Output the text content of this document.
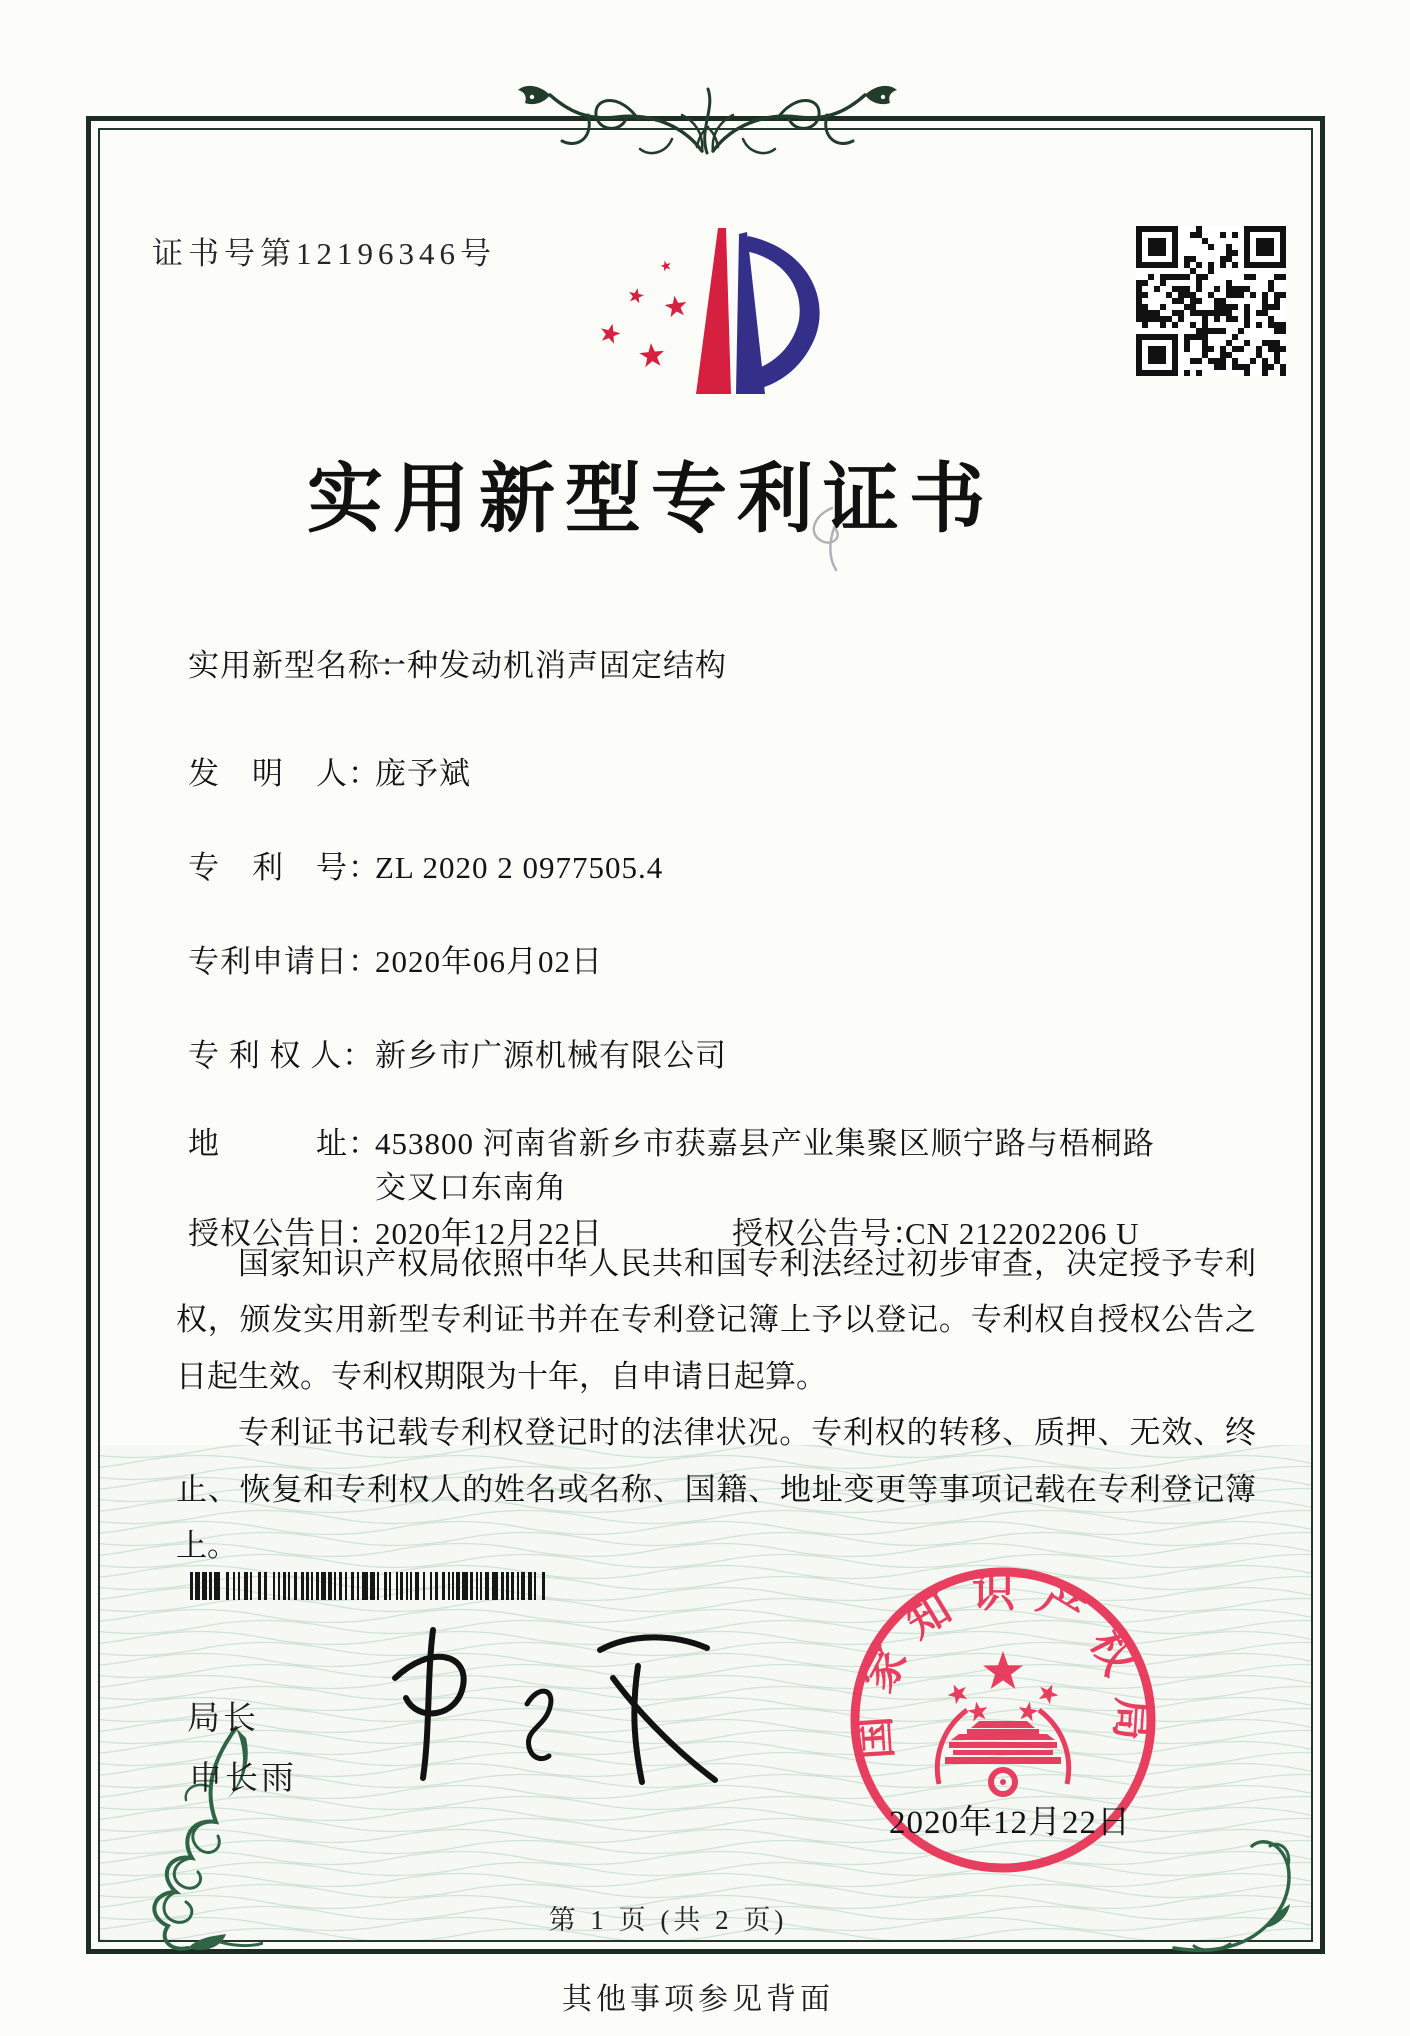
证书号第12196346号
实用新型专利证书
实用新型名称：一种发动机消声固定结构
发　明　人：庞予斌
专　利　号：ZL 2020 2 0977505.4
专利申请日：2020年06月02日
专 利 权 人：新乡市广源机械有限公司
地　　　址：453800 河南省新乡市获嘉县产业集聚区顺宁路与梧桐路
交叉口东南角
授权公告日：2020年12月22日	授权公告号：CN 212202206 U

国家知识产权局依照中华人民共和国专利法经过初步审查，决定授予专利权，颁发实用新型专利证书并在专利登记簿上予以登记。专利权自授权公告之日起生效。专利权期限为十年，自申请日起算。

专利证书记载专利权登记时的法律状况。专利权的转移、质押、无效、终止、恢复和专利权人的姓名或名称、国籍、地址变更等事项记载在专利登记簿上。

局长
申长雨
国家知识产权局
2020年12月22日
第 1 页 (共 2 页)
其他事项参见背面
